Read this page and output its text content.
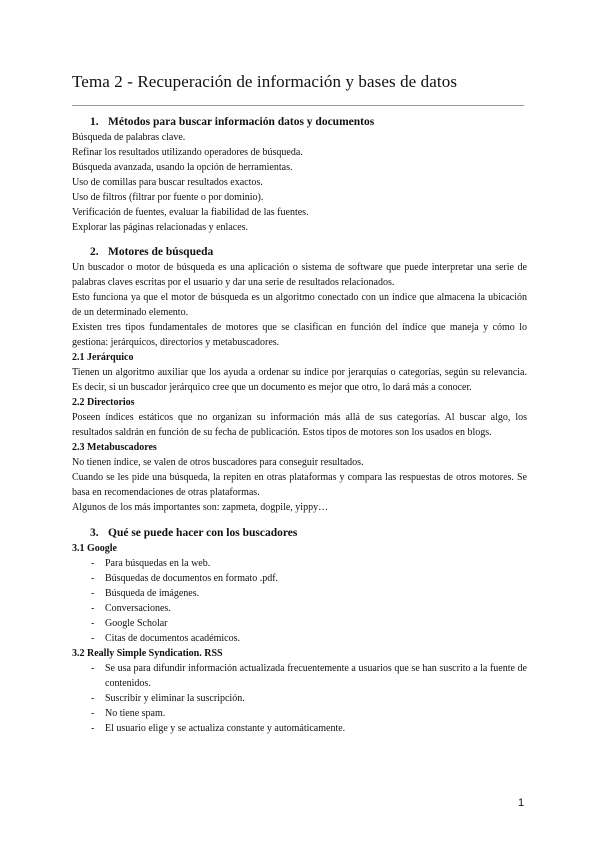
Tema 2 - Recuperación de información y bases de datos
1. Métodos para buscar información datos y documentos

Búsqueda de palabras clave.

Refinar los resultados utilizando operadores de búsqueda.

Búsqueda avanzada, usando la opción de herramientas.

Uso de comillas para buscar resultados exactos.

Uso de filtros (filtrar por fuente o por dominio).

Verificación de fuentes, evaluar la fiabilidad de las fuentes.

Explorar las páginas relacionadas y enlaces.

2. Motores de búsqueda

Un buscador o motor de búsqueda es una aplicación o sistema de software que puede interpretar una serie de palabras claves escritas por el usuario y dar una serie de resultados relacionados.

Esto funciona ya que el motor de búsqueda es un algoritmo conectado con un índice que almacena la ubicación de un determinado elemento.

Existen tres tipos fundamentales de motores que se clasifican en función del índice que maneja y cómo lo gestiona: jerárquicos, directorios y metabuscadores.

2.1 Jerárquico

Tienen un algoritmo auxiliar que los ayuda a ordenar su índice por jerarquías o categorías, según su relevancia. Es decir, si un buscador jerárquico cree que un documento es mejor que otro, lo dará más a conocer.

2.2 Directorios

Poseen índices estáticos que no organizan su información más allá de sus categorías. Al buscar algo, los resultados saldrán en función de su fecha de publicación. Estos tipos de motores son los usados en blogs.

2.3 Metabuscadores

No tienen índice, se valen de otros buscadores para conseguir resultados.

Cuando se les pide una búsqueda, la repiten en otras plataformas y compara las respuestas de otros motores. Se basa en recomendaciones de otras plataformas.

Algunos de los más importantes son: zapmeta, dogpile, yippy…

3. Qué se puede hacer con los buscadores
3.1 Google
- Para búsquedas en la web.
- Búsquedas de documentos en formato .pdf.
- Búsqueda de imágenes.
- Conversaciones.
- Google Scholar
- Citas de documentos académicos.
3.2 Really Simple Syndication. RSS
- Se usa para difundir información actualizada frecuentemente a usuarios que se han suscrito a la fuente de contenidos.
- Suscribir y eliminar la suscripción.
- No tiene spam.
- El usuario elige y se actualiza constante y automáticamente.
1
